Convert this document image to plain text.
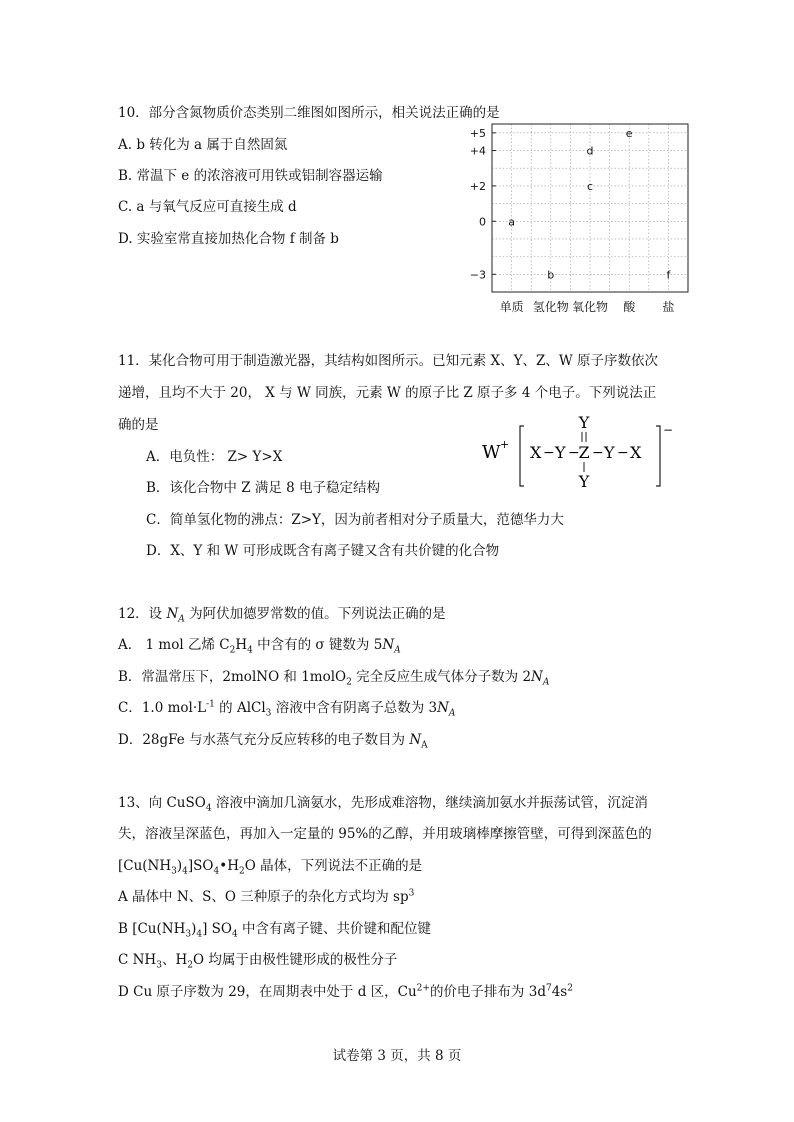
10．部分含氮物质价态类别二维图如图所示，相关说法正确的是
A. b 转化为 a 属于自然固氮
B. 常温下 e 的浓溶液可用铁或铝制容器运输
C. a 与氧气反应可直接生成 d
D. 实验室常直接加热化合物 f 制备 b
+5
+4
+2
0
−3
单质 氢化物 氧化物 酸 盐
a
b
c
d
e
f
11．某化合物可用于制造激光器，其结构如图所示。已知元素 X、Y、Z、W 原子序数依次
递增，且均不大于 20， X 与 W 同族，元素 W 的原子比 Z 原子多 4 个电子。下列说法正
确的是
A．电负性： Z> Y>X
B．该化合物中 Z 满足 8 电子稳定结构
C．简单氢化物的沸点：Z>Y，因为前者相对分子质量大，范德华力大
D．X、Y 和 W 可形成既含有离子键又含有共价键的化合物
W +
−
Y
Z
Y
X − Y − − Y − X
12．设 $N_A$ 为阿伏加德罗常数的值。下列说法正确的是
A． 1 mol 乙烯 $C_2H_4$ 中含有的 σ 键数为 $5N_A$
B．常温常压下，2molNO 和 1molO$_2$ 完全反应生成气体分子数为 $2N_A$
C．1.0 $mol\cdot L^{-1}$ 的 AlCl$_3$ 溶液中含有阴离子总数为 $3N_A$
D．28gFe 与水蒸气充分反应转移的电子数目为 $N_A$
13、向 CuSO$_4$ 溶液中滴加几滴氨水，先形成难溶物，继续滴加氨水并振荡试管，沉淀消
失，溶液呈深蓝色，再加入一定量的 95%的乙醇，并用玻璃棒摩擦管壁，可得到深蓝色的
$[Cu(NH_3)_4]SO_4•H_2O$ 晶体，下列说法不正确的是
A 晶体中 N、S、O 三种原子的杂化方式均为 $sp^3$
B $[Cu(NH_3)_4]$ $SO_4$ 中含有离子键、共价键和配位键
C $NH_3$、$H_2O$ 均属于由极性键形成的极性分子
D Cu 原子序数为 29，在周期表中处于 d 区，$Cu^{2+}$的价电子排布为 $3d^74s^2$
试卷第 3 页，共 8 页
